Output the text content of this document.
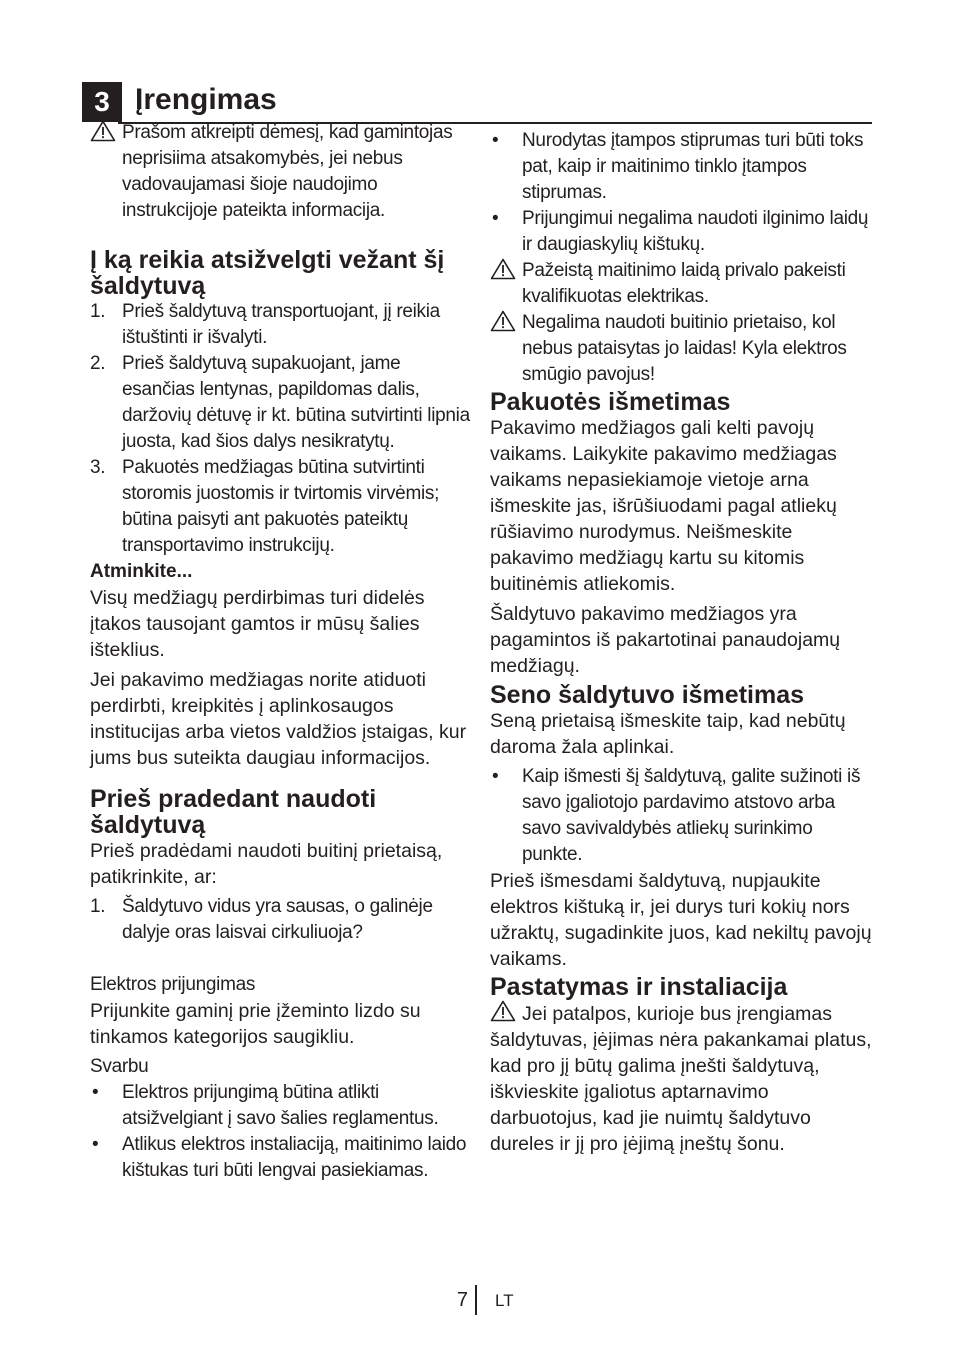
3 Įrengimas
Prašom atkreipti dėmesį, kad gamintojas neprisiima atsakomybės, jei nebus vadovaujamasi šioje naudojimo instrukcijoje pateikta informacija.
Į ką reikia atsižvelgti vežant šį šaldytuvą
1. Prieš šaldytuvą transportuojant, jį reikia ištuštinti ir išvalyti.
2. Prieš šaldytuvą supakuojant, jame esančias lentynas, papildomas dalis, daržovių dėtuvę ir kt. būtina sutvirtinti lipnia juosta, kad šios dalys nesikratytų.
3. Pakuotės medžiagas būtina sutvirtinti storomis juostomis ir tvirtomis virvėmis; būtina paisyti ant pakuotės pateiktų transportavimo instrukcijų.

Atminkite...

Visų medžiagų perdirbimas turi didelės įtakos tausojant gamtos ir mūsų šalies išteklius.

Jei pakavimo medžiagas norite atiduoti perdirbti, kreipkitės į aplinkosaugos institucijas arba vietos valdžios įstaigas, kur jums bus suteikta daugiau informacijos.

Prieš pradedant naudoti šaldytuvą

Prieš pradėdami naudoti buitinį prietaisą, patikrinkite, ar:

1. Šaldytuvo vidus yra sausas, o galinėje dalyje oras laisvai cirkuliuoja?

Elektros prijungimas

Prijunkite gaminį prie įžeminto lizdo su tinkamos kategorijos saugikliu.

Svarbu

•	Elektros prijungimą būtina atlikti atsižvelgiant į savo šalies reglamentus.
•	Atlikus elektros instaliaciją, maitinimo laido kištukas turi būti lengvai pasiekiamas.
•	Nurodytas įtampos stiprumas turi būti toks pat, kaip ir maitinimo tinklo įtampos stiprumas.
•	Prijungimui negalima naudoti ilginimo laidų ir daugiaskylių kištukų.
Pažeistą maitinimo laidą privalo pakeisti kvalifikuotas elektrikas.
Negalima naudoti buitinio prietaiso, kol nebus pataisytas jo laidas! Kyla elektros smūgio pavojus!
Pakuotės išmetimas

Pakavimo medžiagos gali kelti pavojų vaikams. Laikykite pakavimo medžiagas vaikams nepasiekiamoje vietoje arna išmeskite jas, išrūšiuodami pagal atliekų rūšiavimo nurodymus. Neišmeskite pakavimo medžiagų kartu su kitomis buitinėmis atliekomis.

Šaldytuvo pakavimo medžiagos yra pagamintos iš pakartotinai panaudojamų medžiagų.

Seno šaldytuvo išmetimas

Seną prietaisą išmeskite taip, kad nebūtų daroma žala aplinkai.

•	Kaip išmesti šį šaldytuvą, galite sužinoti iš savo įgaliotojo pardavimo atstovo arba savo savivaldybės atliekų surinkimo punkte.

Prieš išmesdami šaldytuvą, nupjaukite elektros kištuką ir, jei durys turi kokių nors užraktų, sugadinkite juos, kad nekiltų pavojų vaikams.

Pastatymas ir instaliacija

Jei patalpos, kurioje bus įrengiamas šaldytuvas, įėjimas nėra pakankamai platus, kad pro jį būtų galima įnešti šaldytuvą, iškvieskite įgaliotus aptarnavimo darbuotojus, kad jie nuimtų šaldytuvo dureles ir jį pro įėjimą įneštų šonu.

7 LT
